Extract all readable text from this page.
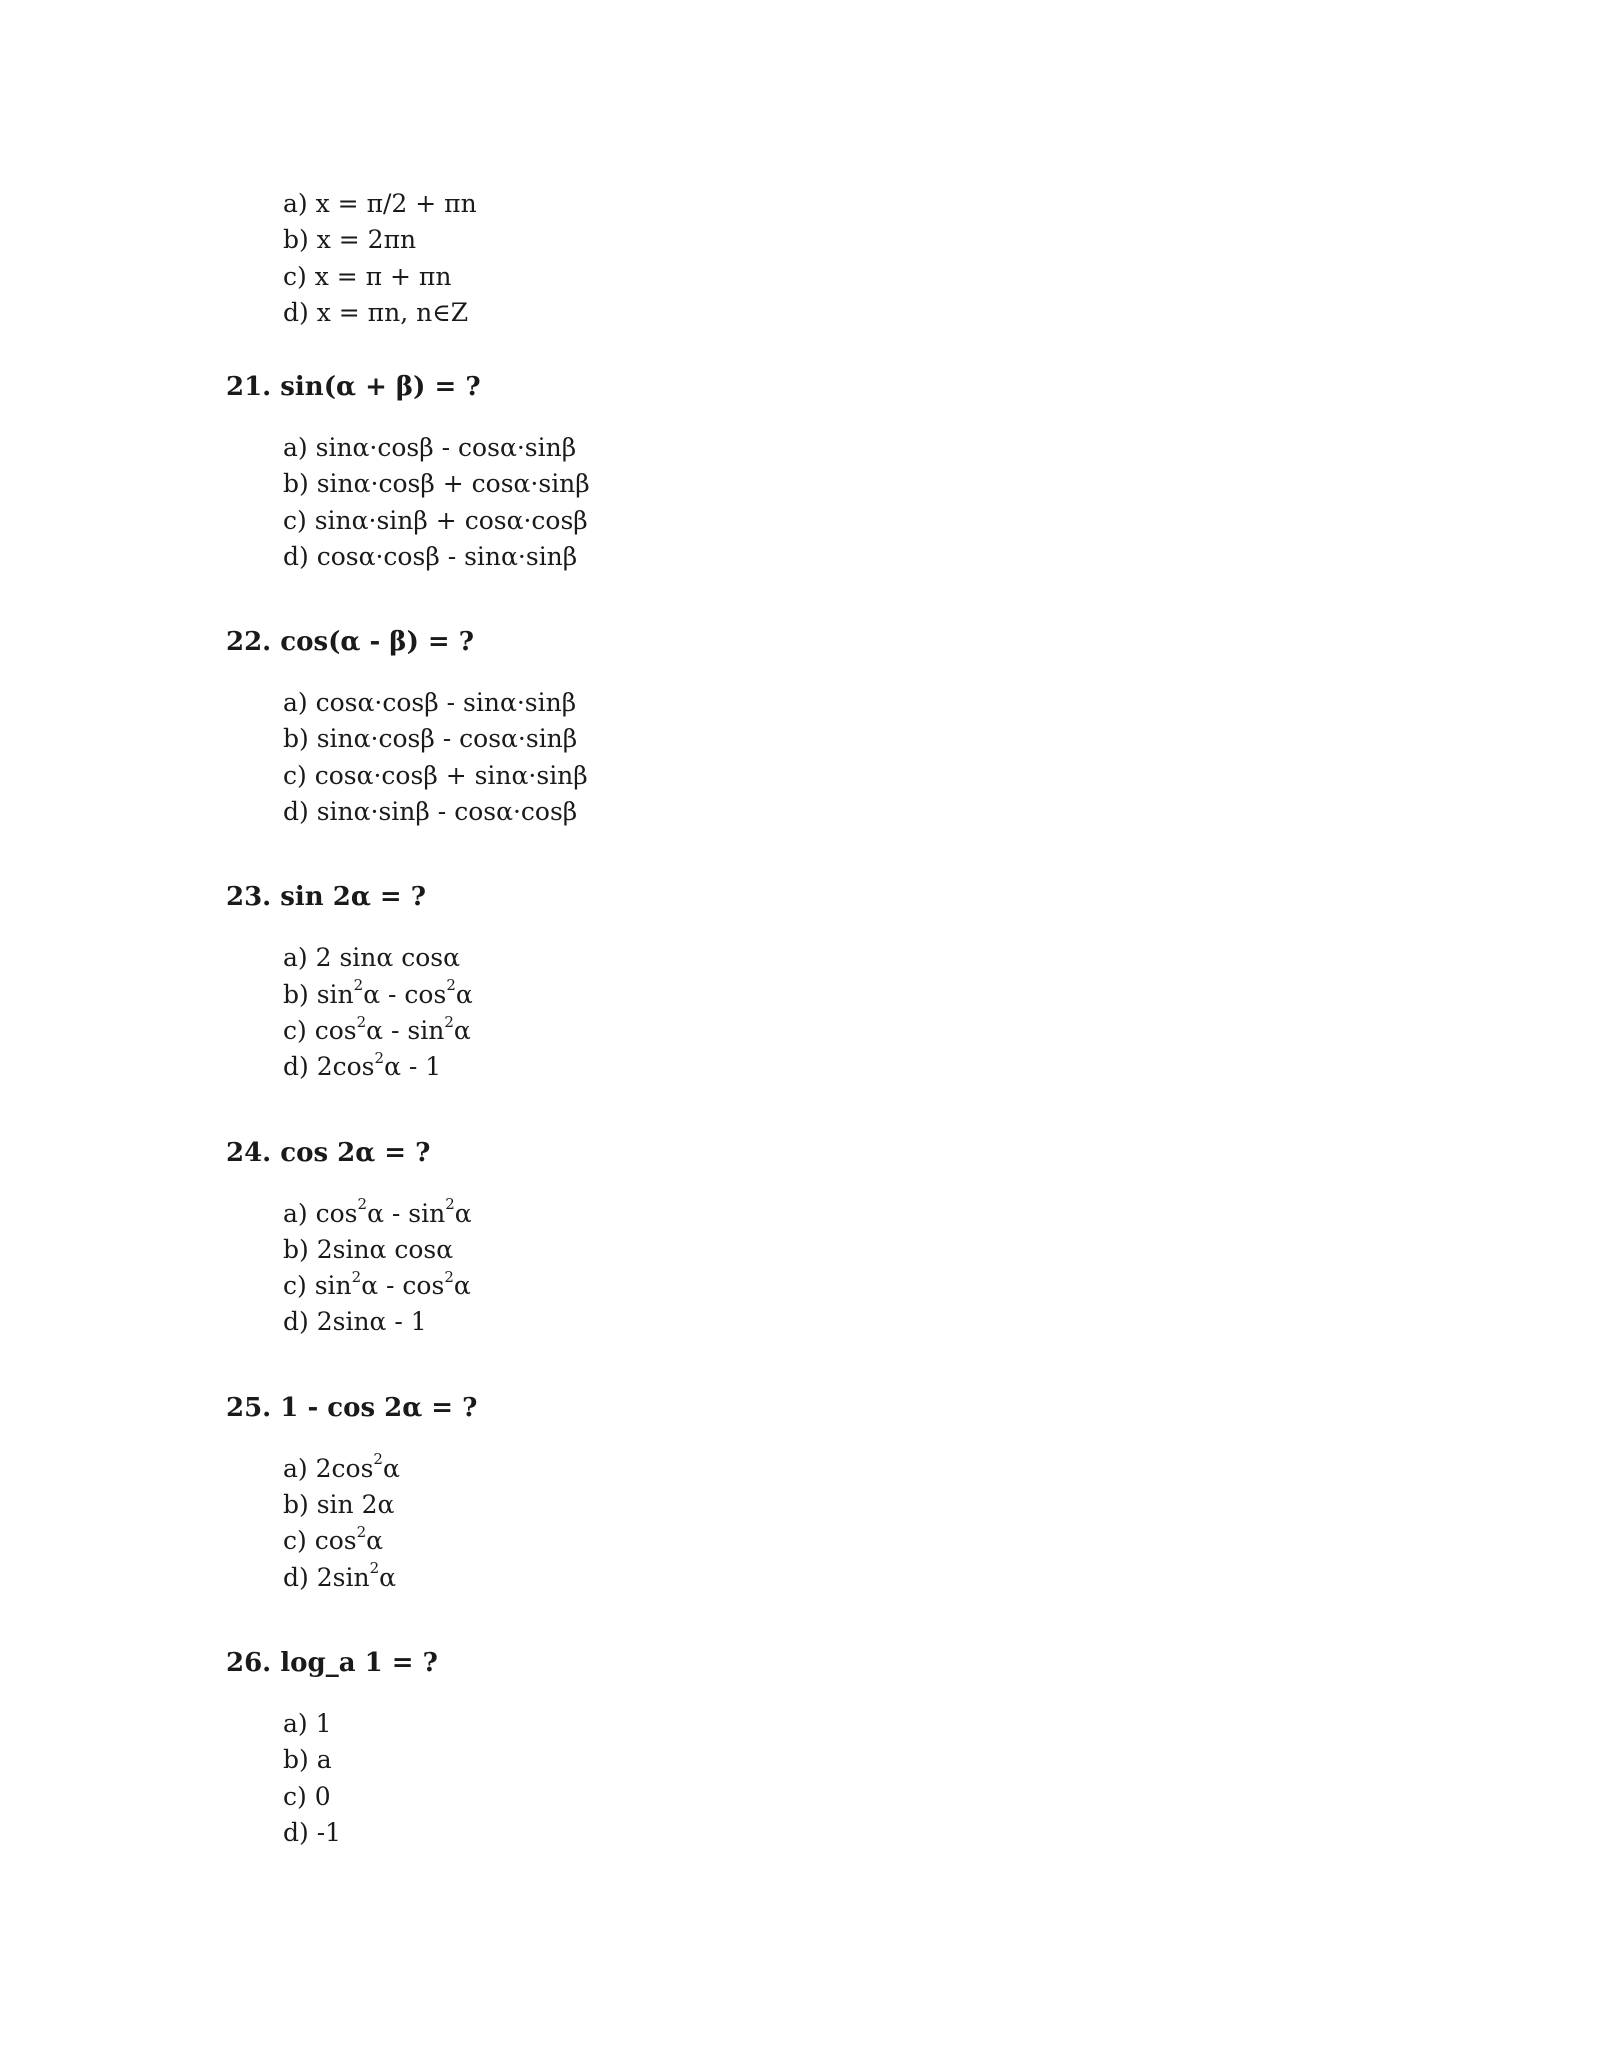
a) x = π/2 + πn
b) x = 2πn
c) x = π + πn
d) x = πn, n∈Z
21. sin(α + β) = ?
a) sinα·cosβ - cosα·sinβ
b) sinα·cosβ + cosα·sinβ
c) sinα·sinβ + cosα·cosβ
d) cosα·cosβ - sinα·sinβ
22. cos(α - β) = ?
a) cosα·cosβ - sinα·sinβ
b) sinα·cosβ - cosα·sinβ
c) cosα·cosβ + sinα·sinβ
d) sinα·sinβ - cosα·cosβ
23. sin 2α = ?
a) 2 sinα cosα
b) $\sin^2\alpha - \cos^2\alpha$
c) $\cos^2\alpha - \sin^2\alpha$
d) $2\cos^2\alpha - 1$
24. cos 2α = ?
a) $\cos^2\alpha - \sin^2\alpha$
b) 2sinα cosα
c) $\sin^2\alpha - \cos^2\alpha$
d) 2sinα - 1
25. 1 - cos 2α = ?
a) $2\cos^2\alpha$
b) sin 2α
c) $\cos^2\alpha$
d) $2\sin^2\alpha$
26. log_a 1 = ?
a) 1
b) a
c) 0
d) -1
